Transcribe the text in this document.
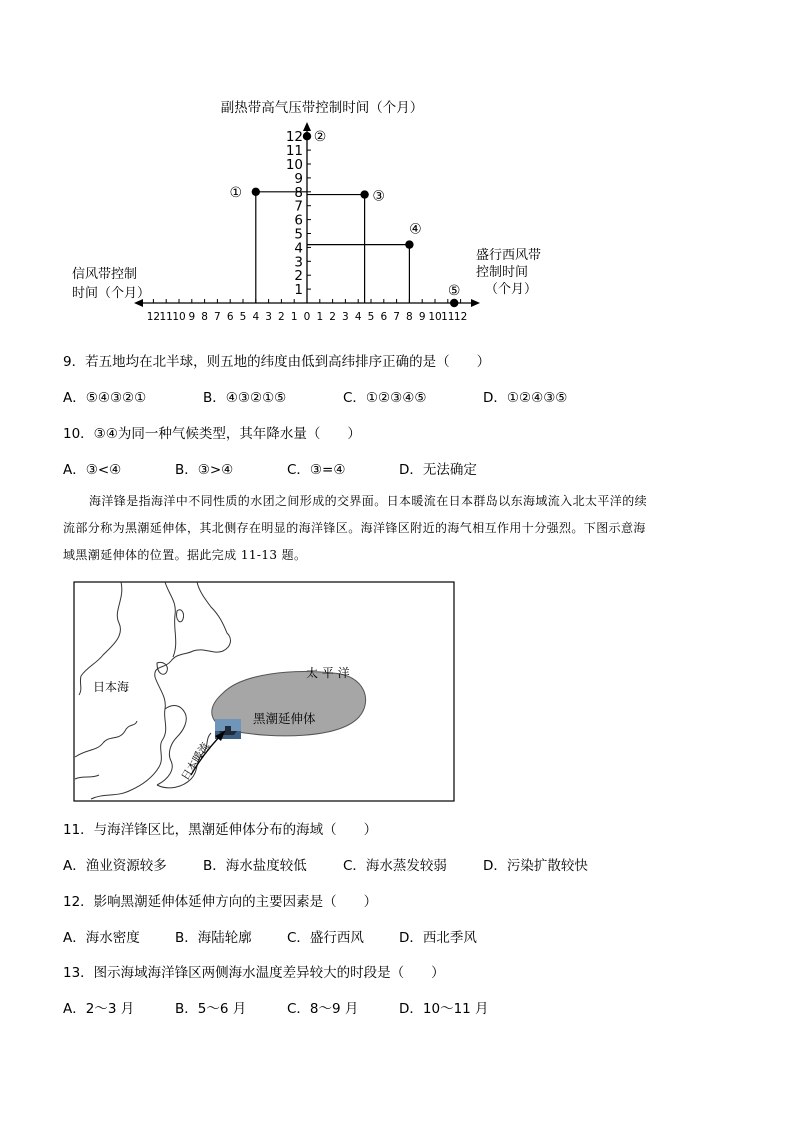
副热带高气压带控制时间（个月）
盛行西风带
控制时间
（个月）
信风带控制
时间（个月）
12 11 10 9 8 7 6 5 4 3 2 1 0 1 2 3 4 5 6 7 8 9 10 11 12
1
2
3
4
5
6
7
8
9
10
11
12
①
②
③
④
⑤
9．若五地均在北半球，则五地的纬度由低到高纬排序正确的是（　　）
A．⑤④③②①	B．④③②①⑤	C．①②③④⑤	D．①②④③⑤
10．③④为同一种气候类型，其年降水量（　　）
A．③<④	B．③>④	C．③=④	D．无法确定
海洋锋是指海洋中不同性质的水团之间形成的交界面。日本暖流在日本群岛以东海域流入北太平洋的续
流部分称为黑潮延伸体，其北侧存在明显的海洋锋区。海洋锋区附近的海气相互作用十分强烈。下图示意海
域黑潮延伸体的位置。据此完成 11-13 题。
日本海
太 平 洋
黑潮延伸体
日本暖流
11．与海洋锋区比，黑潮延伸体分布的海域（　　）
A．渔业资源较多	B．海水盐度较低	C．海水蒸发较弱	D．污染扩散较快
12．影响黑潮延伸体延伸方向的主要因素是（　　）
A．海水密度	B．海陆轮廓	C．盛行西风	D．西北季风
13．图示海域海洋锋区两侧海水温度差异较大的时段是（　　）
A．2～3 月	B．5～6 月	C．8～9 月	D．10～11 月
